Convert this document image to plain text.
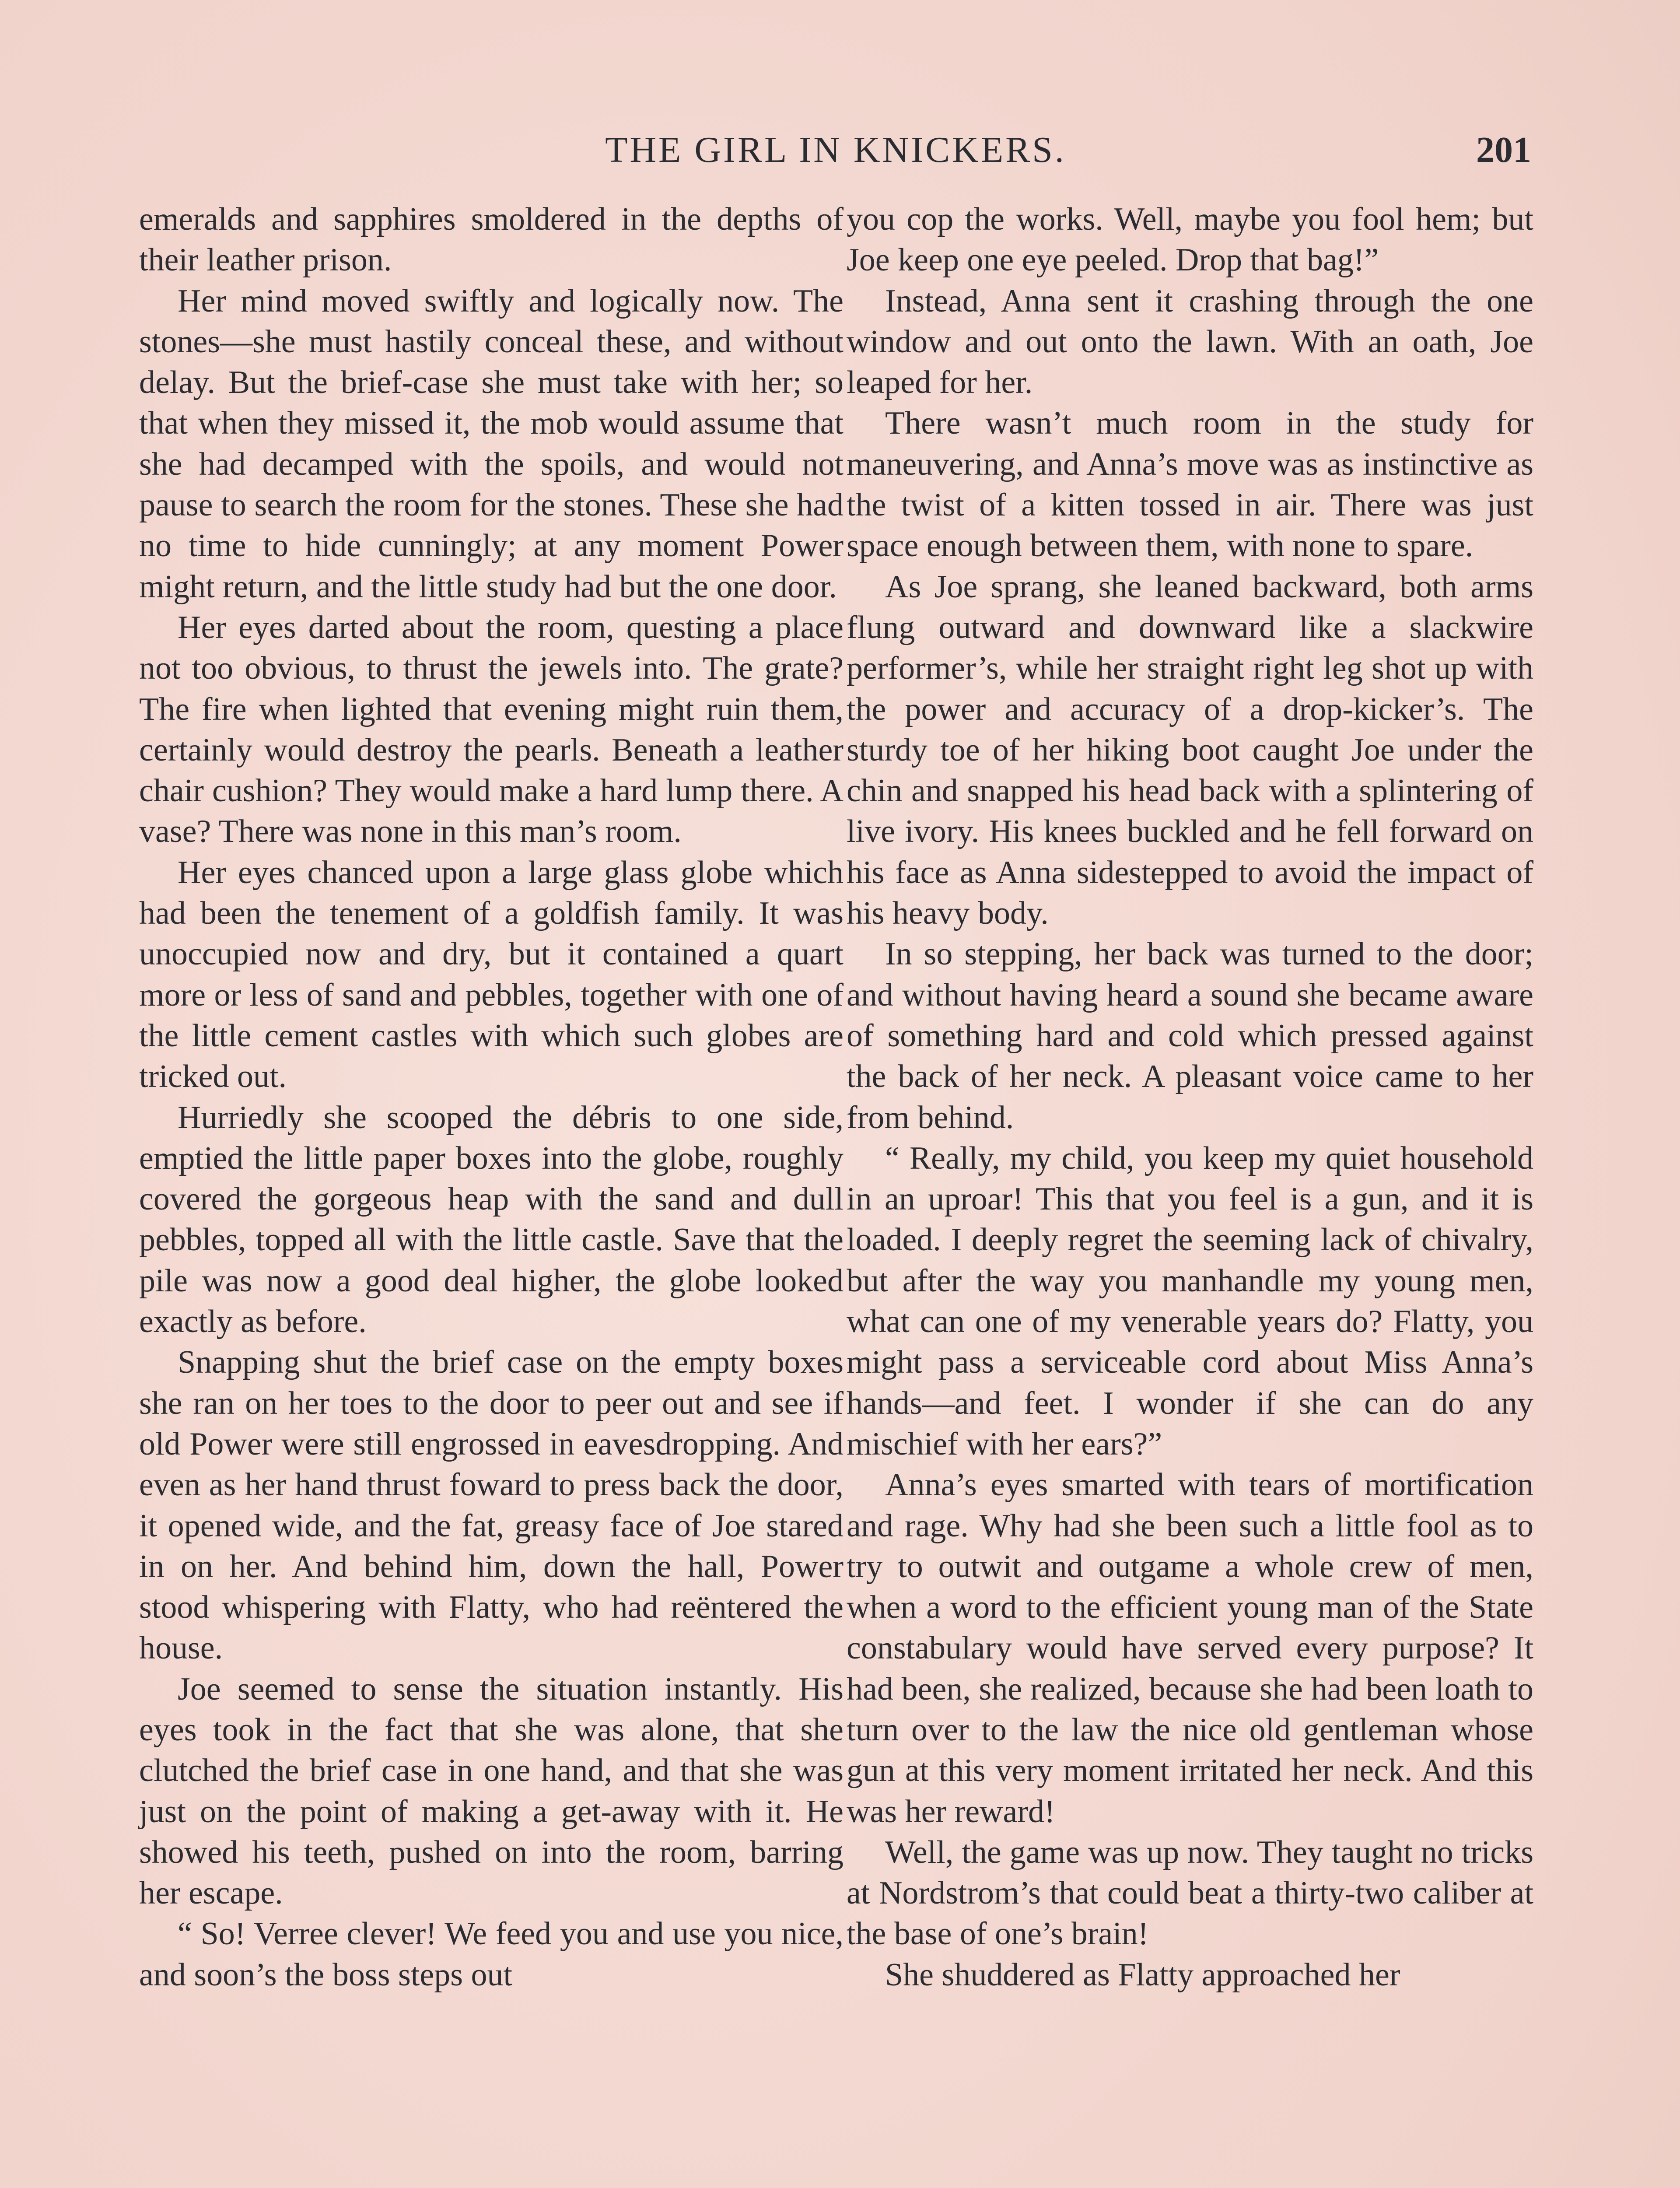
THE GIRL IN KNICKERS.	201

emeralds and sapphires smoldered in the depths of their leather prison.

Her mind moved swiftly and logically now. The stones—she must hastily conceal these, and without delay. But the brief-case she must take with her; so that when they missed it, the mob would assume that she had decamped with the spoils, and would not pause to search the room for the stones. These she had no time to hide cunningly; at any moment Power might return, and the little study had but the one door.

Her eyes darted about the room, questing a place not too obvious, to thrust the jewels into. The grate? The fire when lighted that evening might ruin them, certainly would destroy the pearls. Beneath a leather chair cushion? They would make a hard lump there. A vase? There was none in this man’s room.

Her eyes chanced upon a large glass globe which had been the tenement of a goldfish family. It was unoccupied now and dry, but it contained a quart more or less of sand and pebbles, together with one of the little cement castles with which such globes are tricked out.

Hurriedly she scooped the débris to one side, emptied the little paper boxes into the globe, roughly covered the gorgeous heap with the sand and dull pebbles, topped all with the little castle. Save that the pile was now a good deal higher, the globe looked exactly as before.

Snapping shut the brief case on the empty boxes she ran on her toes to the door to peer out and see if old Power were still engrossed in eavesdropping. And even as her hand thrust foward to press back the door, it opened wide, and the fat, greasy face of Joe stared in on her. And behind him, down the hall, Power stood whispering with Flatty, who had reëntered the house.

Joe seemed to sense the situation instantly. His eyes took in the fact that she was alone, that she clutched the brief case in one hand, and that she was just on the point of making a get-away with it. He showed his teeth, pushed on into the room, barring her escape.

“ So! Verree clever! We feed you and use you nice, and soon’s the boss steps out

you cop the works. Well, maybe you fool hem; but Joe keep one eye peeled. Drop that bag!”

Instead, Anna sent it crashing through the one window and out onto the lawn. With an oath, Joe leaped for her.

There wasn’t much room in the study for maneuvering, and Anna’s move was as instinctive as the twist of a kitten tossed in air. There was just space enough between them, with none to spare.

As Joe sprang, she leaned backward, both arms flung outward and downward like a slackwire performer’s, while her straight right leg shot up with the power and accuracy of a drop-kicker’s. The sturdy toe of her hiking boot caught Joe under the chin and snapped his head back with a splintering of live ivory. His knees buckled and he fell forward on his face as Anna sidestepped to avoid the impact of his heavy body.

In so stepping, her back was turned to the door; and without having heard a sound she became aware of something hard and cold which pressed against the back of her neck. A pleasant voice came to her from behind.

“ Really, my child, you keep my quiet household in an uproar! This that you feel is a gun, and it is loaded. I deeply regret the seeming lack of chivalry, but after the way you manhandle my young men, what can one of my venerable years do? Flatty, you might pass a serviceable cord about Miss Anna’s hands—and feet. I wonder if she can do any mischief with her ears?”

Anna’s eyes smarted with tears of mortification and rage. Why had she been such a little fool as to try to outwit and outgame a whole crew of men, when a word to the efficient young man of the State constabulary would have served every purpose? It had been, she realized, because she had been loath to turn over to the law the nice old gentleman whose gun at this very moment irritated her neck. And this was her reward!

Well, the game was up now. They taught no tricks at Nordstrom’s that could beat a thirty-two caliber at the base of one’s brain!

She shuddered as Flatty approached her
